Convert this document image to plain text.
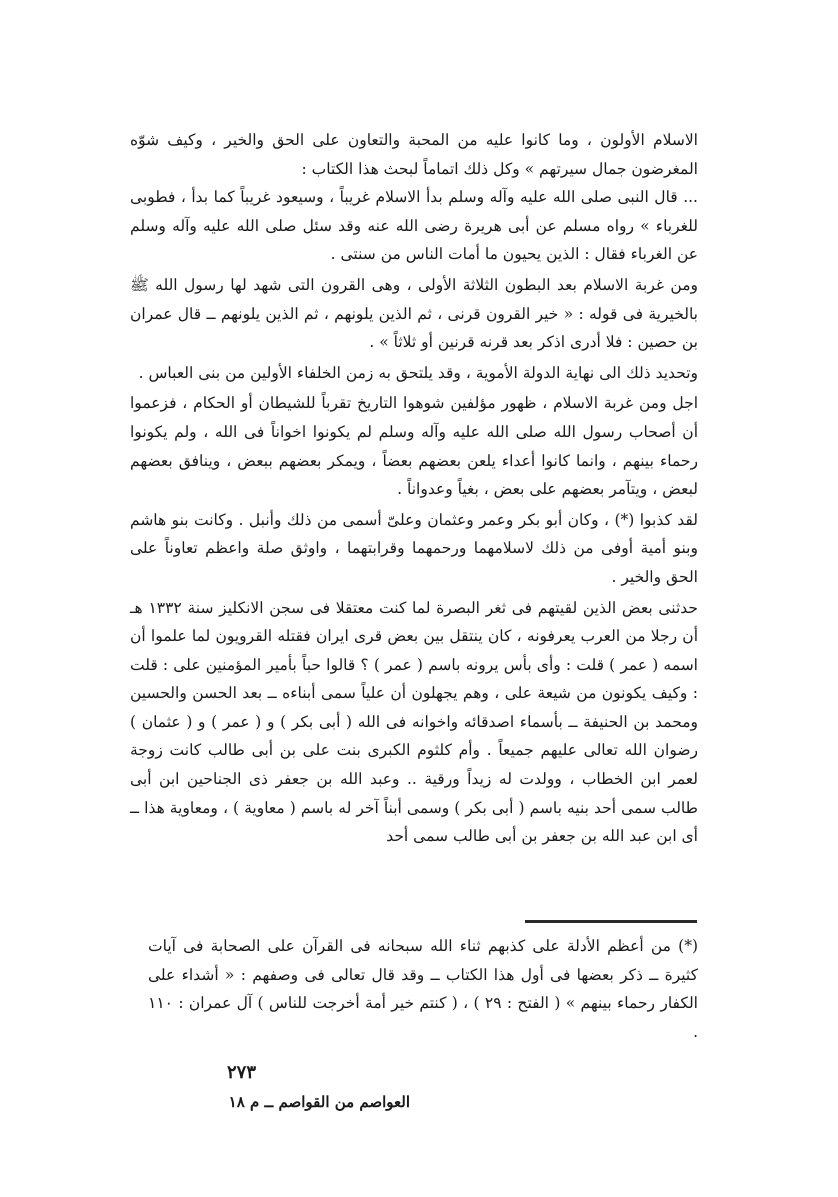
الاسلام الأولون ، وما كانوا عليه من المحبة والتعاون على الحق والخير ، وكيف شوّه المغرضون جمال سيرتهم » وكل ذلك اتماماً لبحث هذا الكتاب :

... قال النبى صلى الله عليه وآله وسلم بدأ الاسلام غريباً ، وسيعود غريباً كما بدأ ، فطوبى للغرباء » رواه مسلم عن أبى هريرة رضى الله عنه وقد سئل صلى الله عليه وآله وسلم عن الغرباء فقال : الذين يحيون ما أمات الناس من سنتى .

ومن غربة الاسلام بعد البطون الثلاثة الأولى ، وهى القرون التى شهد لها رسول الله ﷺ بالخيرية فى قوله : « خير القرون قرنى ، ثم الذين يلونهم ، ثم الذين يلونهم ــ قال عمران بن حصين : فلا أدرى اذكر بعد قرنه قرنين أو ثلاثاً » .

وتحديد ذلك الى نهاية الدولة الأموية ، وقد يلتحق به زمن الخلفاء الأولين من بنى العباس .

اجل ومن غربة الاسلام ، ظهور مؤلفين شوهوا التاريخ تقرباً للشيطان أو الحكام ، فزعموا أن أصحاب رسول الله صلى الله عليه وآله وسلم لم يكونوا اخواناً فى الله ، ولم يكونوا رحماء بينهم ، وانما كانوا أعداء يلعن بعضهم بعضاً ، ويمكر بعضهم ببعض ، وينافق بعضهم لبعض ، ويتآمر بعضهم على بعض ، بغياً وعدواناً .

لقد كذبوا (*) ، وكان أبو بكر وعمر وعثمان وعلىّ أسمى من ذلك وأنبل . وكانت بنو هاشم وبنو أمية أوفى من ذلك لاسلامهما ورحمهما وقرابتهما ، واوثق صلة واعظم تعاوناً على الحق والخير .

حدثنى بعض الذين لقيتهم فى ثغر البصرة لما كنت معتقلا فى سجن الانكليز سنة ١٣٣٢ هـ أن رجلا من العرب يعرفونه ، كان ينتقل بين بعض قرى ايران فقتله القرويون لما علموا أن اسمه ( عمر ) قلت : وأى بأس يرونه باسم ( عمر ) ؟ قالوا حباً بأمير المؤمنين على : قلت : وكيف يكونون من شيعة على ، وهم يجهلون أن علياً سمى أبناءه ــ بعد الحسن والحسين ومحمد بن الحنيفة ــ بأسماء اصدقائه واخوانه فى الله ( أبى بكر ) و ( عمر ) و ( عثمان ) رضوان الله تعالى عليهم جميعاً . وأم كلثوم الكبرى بنت على بن أبى طالب كانت زوجة لعمر ابن الخطاب ، وولدت له زيداً ورقية .. وعبد الله بن جعفر ذى الجناحين ابن أبى طالب سمى أحد بنيه باسم ( أبى بكر ) وسمى أبناً آخر له باسم ( معاوية ) ، ومعاوية هذا ــ أى ابن عبد الله بن جعفر بن أبى طالب سمى أحد

(*) من أعظم الأدلة على كذبهم ثناء الله سبحانه فى القرآن على الصحابة فى آيات كثيرة ــ ذكر بعضها فى أول هذا الكتاب ــ وقد قال تعالى فى وصفهم : « أشداء على الكفار رحماء بينهم » ( الفتح : ٢٩ ) ، ( كنتم خير أمة أخرجت للناس ) آل عمران : ١١٠ .

٢٧٣
العواصم من القواصم ــ م ١٨
